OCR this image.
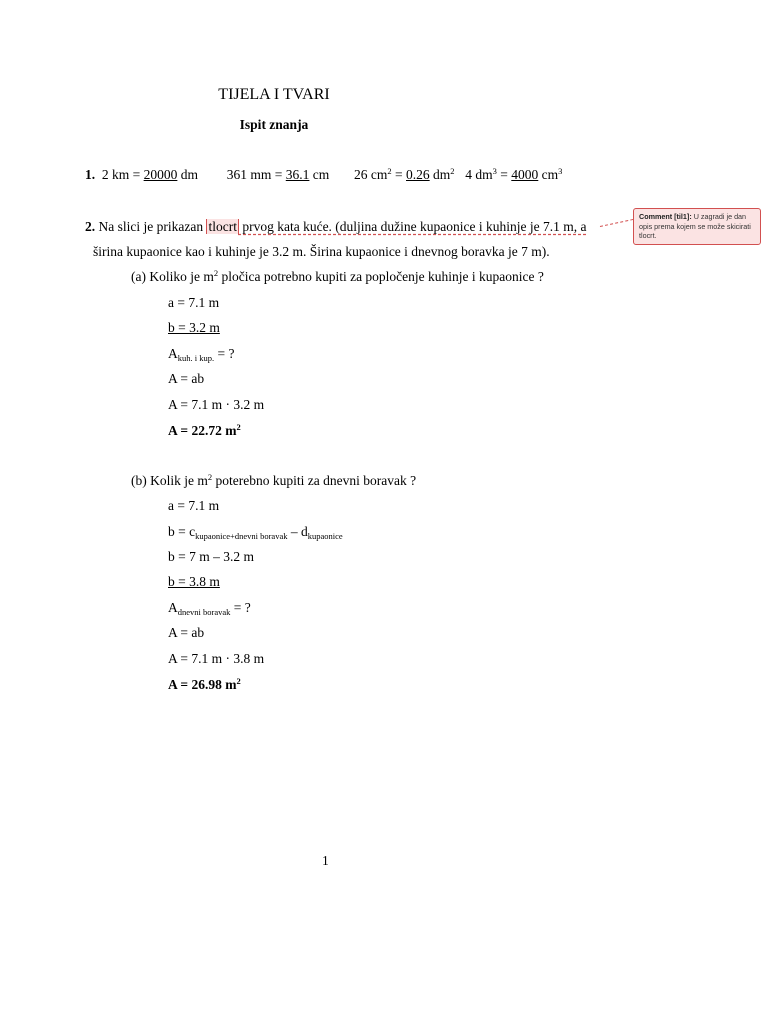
TIJELA I TVARI
Ispit znanja
1. 2 km = 20000 dm 361 mm = 36.1 cm 26 $cm^2 = 0.26$ $dm^2$ 4 $dm^3 = 4000$ $cm^3$
2. Na slici je prikazan tlocrt prvog kata kuće. (duljina dužine kupaonice i kuhinje je 7.1 m, a
širina kupaonice kao i kuhinje je 3.2 m. Širina kupaonice i dnevnog boravka je 7 m).
(a) Koliko je $m^2$ pločica potrebno kupiti za popločenje kuhinje i kupaonice ?
a = 7.1 m
b = 3.2 m
$A_{kuh. i kup.}$ = ?
A = ab
A = 7.1 m · 3.2 m
A = 22.72 $m^2$
(b) Kolik je $m^2$ poterebno kupiti za dnevni boravak ?
a = 7.1 m
$b = c_{kupaonice+dnevni boravak} - d_{kupaonice}$
b = 7 m – 3.2 m
b = 3.8 m
$A_{dnevni boravak}$ = ?
A = ab
A = 7.1 m · 3.8 m
A = 26.98 $m^2$
Comment [til1]: U zagradi je dan opis prema kojem se može skicirati tlocrt.
1
